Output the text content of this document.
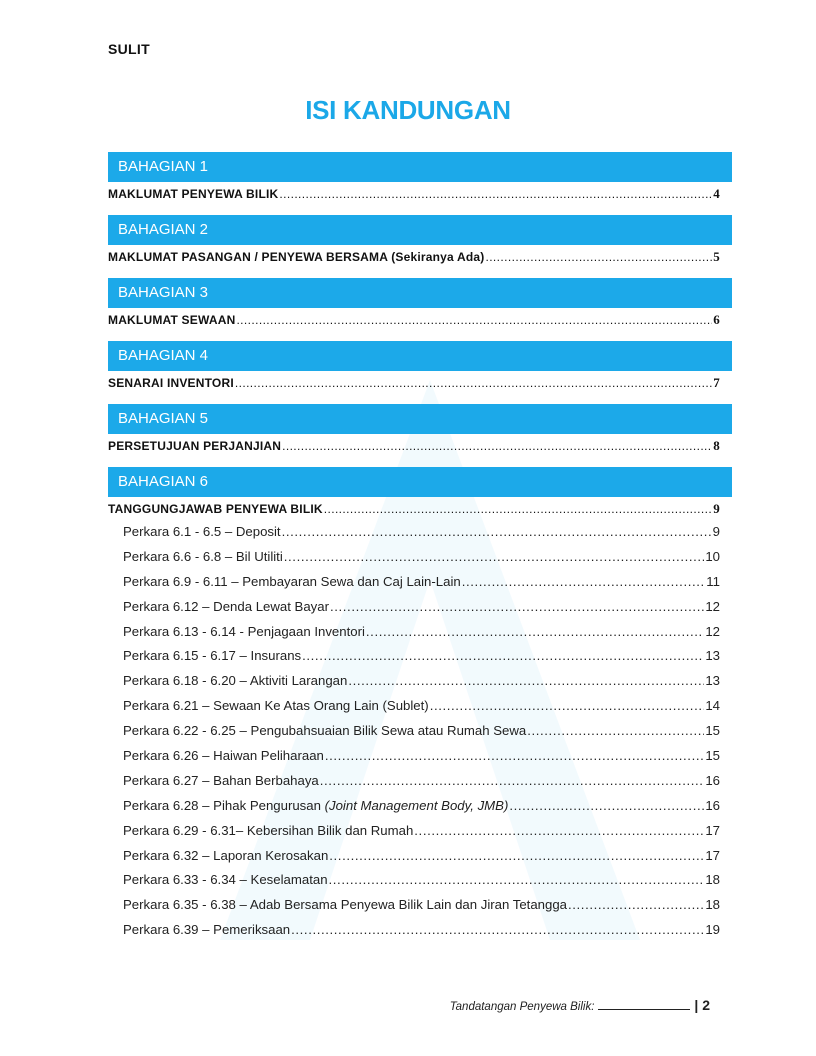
SULIT
ISI KANDUNGAN
BAHAGIAN 1
MAKLUMAT PENYEWA BILIK .....	4
BAHAGIAN 2
MAKLUMAT PASANGAN / PENYEWA BERSAMA (Sekiranya Ada) .....	5
BAHAGIAN 3
MAKLUMAT SEWAAN .....	6
BAHAGIAN 4
SENARAI INVENTORI .....	7
BAHAGIAN 5
PERSETUJUAN PERJANJIAN .....	8
BAHAGIAN 6
TANGGUNGJAWAB PENYEWA BILIK .....	9
Perkara 6.1 - 6.5 – Deposit .....	9
Perkara 6.6 - 6.8 – Bil Utiliti .....	10
Perkara 6.9 - 6.11 – Pembayaran Sewa dan Caj Lain-Lain .....	11
Perkara 6.12 – Denda Lewat Bayar .....	12
Perkara 6.13 - 6.14 - Penjagaan Inventori .....	12
Perkara 6.15 - 6.17 – Insurans .....	13
Perkara 6.18 - 6.20 – Aktiviti Larangan .....	13
Perkara 6.21 – Sewaan Ke Atas Orang Lain (Sublet) .....	14
Perkara 6.22 - 6.25 – Pengubahsuaian Bilik Sewa atau Rumah Sewa .....	15
Perkara 6.26 – Haiwan Peliharaan .....	15
Perkara 6.27 – Bahan Berbahaya .....	16
Perkara 6.28 – Pihak Pengurusan (Joint Management Body, JMB) .....	16
Perkara 6.29 - 6.31– Kebersihan Bilik dan Rumah .....	17
Perkara 6.32 – Laporan Kerosakan .....	17
Perkara 6.33 - 6.34 – Keselamatan .....	18
Perkara 6.35 - 6.38 – Adab Bersama Penyewa Bilik Lain dan Jiran Tetangga .....	18
Perkara 6.39 – Pemeriksaan .....	19
Tandatangan Penyewa Bilik:	| 2
